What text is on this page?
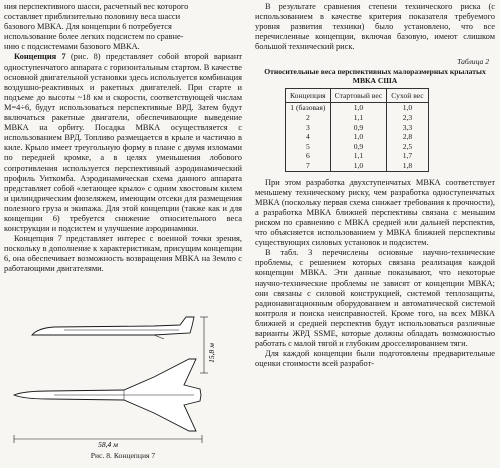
ния перспективного шасси, расчетный вес которого
составляет приблизительно половину веса шасси
базового МВКА. Для концепции 6 потребуется
использование более легких подсистем по сравне-
нию с подсистемами базового МВКА.

Концепция 7 (рис. 8) представляет собой второй вариант одноступенчатого аппарата с горизонтальным стартом. В качестве основной двигательной установки здесь используется комбинация воздушно-реактивных и ракетных двигателей. При старте и подъеме до высоты ~18 км и скорости, соответствующей числам М=4÷6, будут использоваться перспективные ВРД. Затем будут включаться ракетные двигатели, обеспечивающие выведение МВКА на орбиту. Посадка МВКА осуществляется с использованием ВРД. Топливо размещается в крыле и частично в киле. Крыло имеет треугольную форму в плане с двумя изломами по передней кромке, а в целях уменьшения лобового сопротивления используется перспективный аэродинамический профиль Уиткомба. Аэродинамическая схема данного аппарата представляет собой «летающее крыло» с одним хвостовым килем и цилиндрическим фюзеляжем, имеющим отсеки для размещения полезного груза и экипажа. Для этой концепции (также как и для концепции 6) требуется снижение относительного веса конструкции и подсистем и улучшение аэродинамики.

Концепция 7 представляет интерес с военной точки зрения, поскольку в дополнение к характеристикам, присущим концепции 6, она обеспечивает возможность возвращения МВКА на Землю с работающими двигателями.

15,8 м
58,4 м
Рис. 8. Концепция 7

В результате сравнения степени технического риска (с использованием в качестве критерия показателя требуемого уровня развития техники) было установлено, что все перечисленные концепции, включая базовую, имеют слишком большой технический риск.

Таблица 2
Относительные веса перспективных малоразмерных крылатых МВКА США
Концепция	Стартовый вес	Сухой вес
1 (базовая)	1,0	1,0
2	1,1	2,3
3	0,9	3,3
4	1,0	2,8
5	0,9	2,5
6	1,1	1,7
7	1,0	1,8

При этом разработка двухступенчатых МВКА соответствует меньшему техническому риску, чем разработка одноступенчатых МВКА (поскольку первая схема снижает требования к прочности), а разработка МВКА ближней перспективы связана с меньшим риском по сравнению с МВКА средней или дальней перспектив, что объясняется использованием у МВКА ближней перспективы существующих силовых установок и подсистем.

В табл. 3 перечислены основные научно-технические проблемы, с решением которых связана реализация каждой концепции МВКА. Эти данные показывают, что некоторые научно-технические проблемы не зависят от концепции МВКА; они связаны с силовой конструкцией, системой теплозащиты, радионавигационным оборудованием и автоматической системой контроля и поиска неисправностей. Кроме того, на всех МВКА ближней и средней перспектив будут использоваться различные варианты ЖРД SSME, которые должны обладать возможностью работать с малой тягой и глубоким дросселированием тяги.

Для каждой концепции были подготовлены предварительные оценки стоимости всей разработ-
